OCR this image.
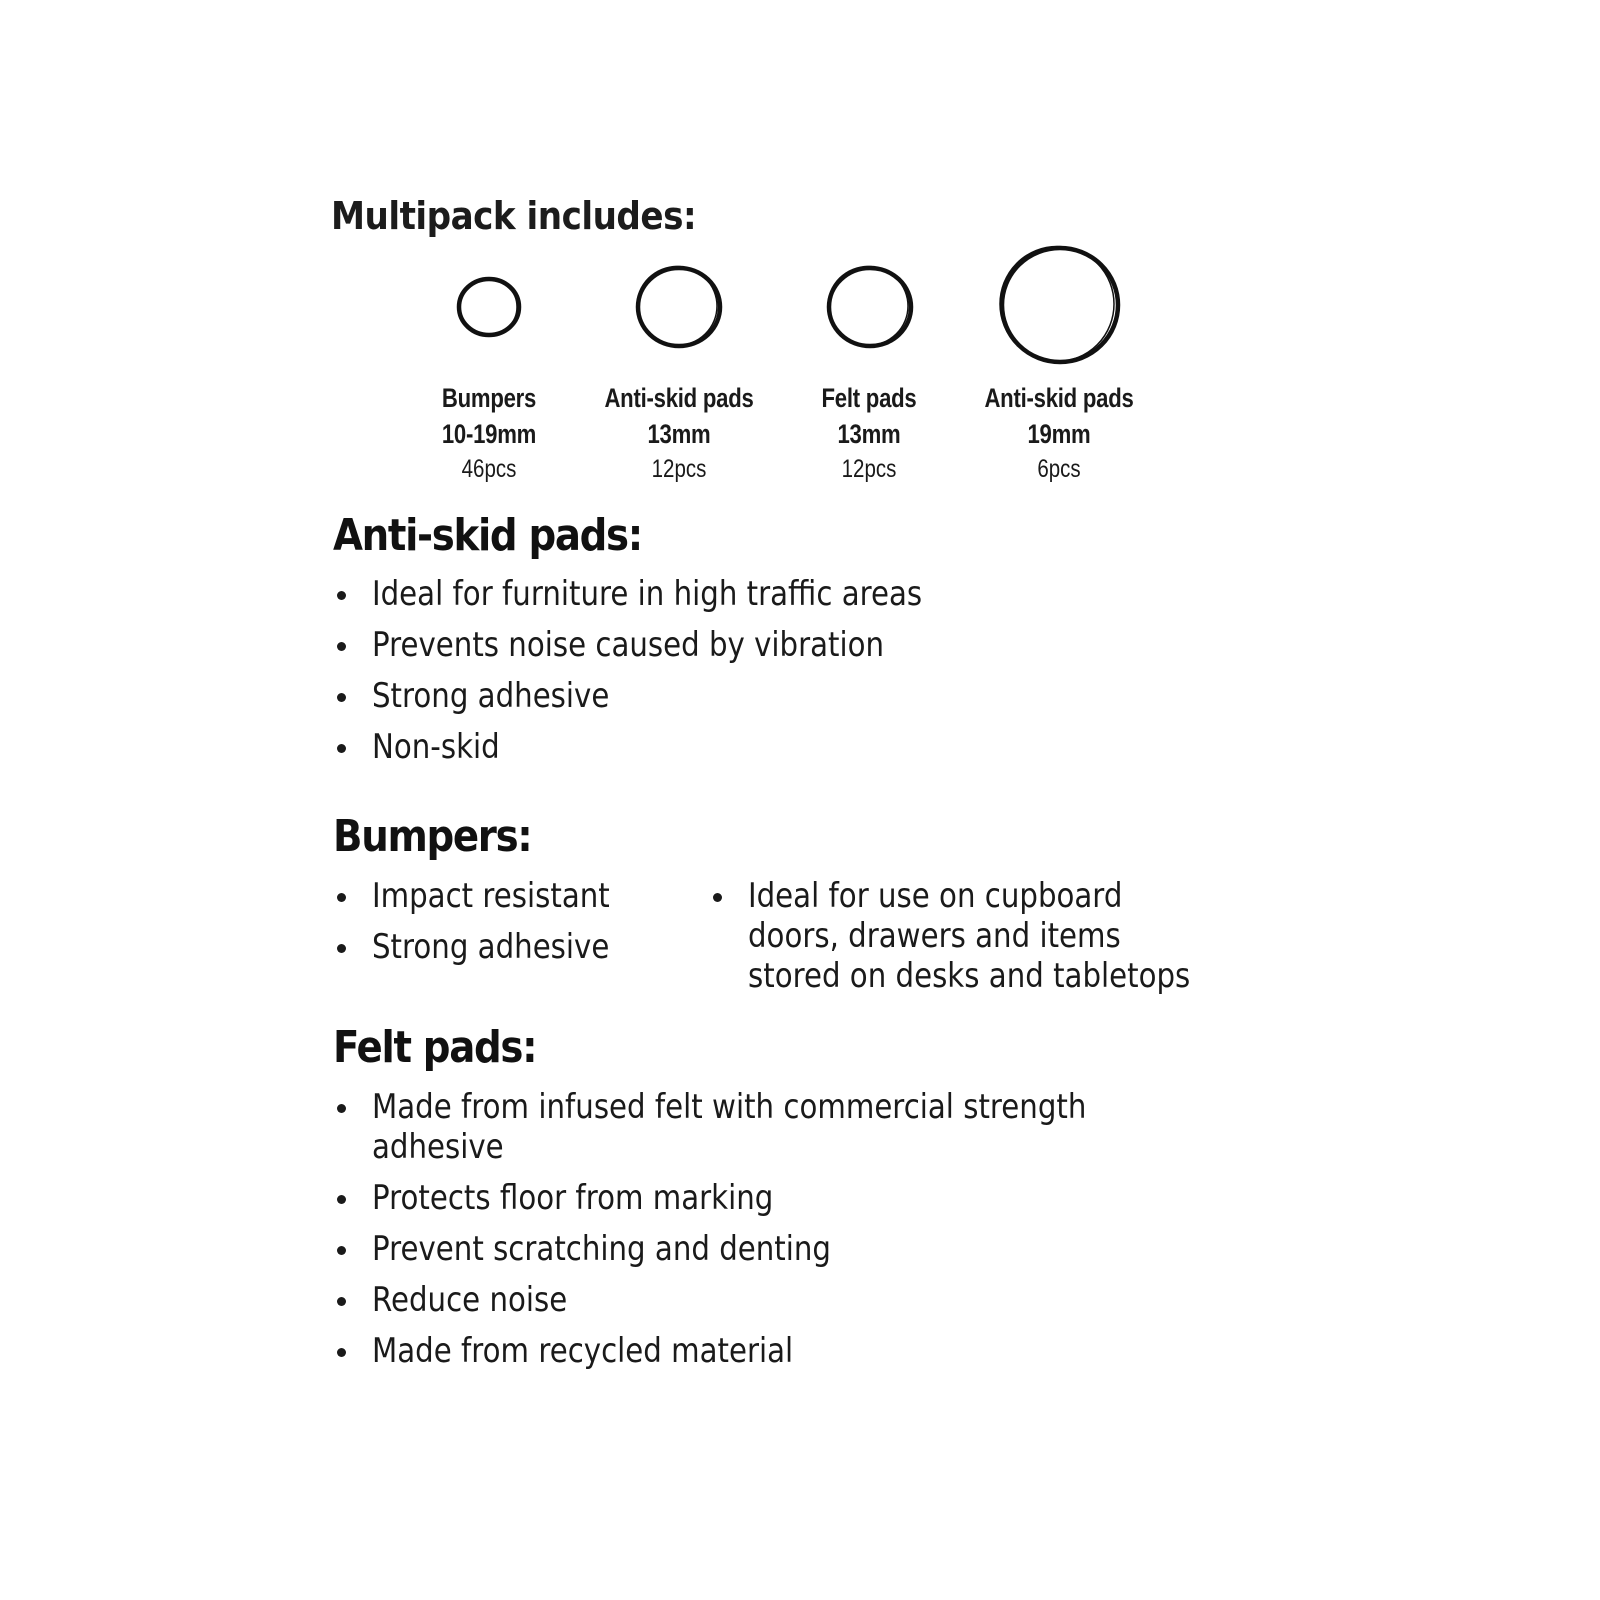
Multipack includes:
Bumpers
10-19mm
46pcs
Anti-skid pads
13mm
12pcs
Felt pads
13mm
12pcs
Anti-skid pads
19mm
6pcs
Anti-skid pads:
Ideal for furniture in high traffic areas
Prevents noise caused by vibration
Strong adhesive
Non-skid
Bumpers:
Impact resistant
Strong adhesive
Ideal for use on cupboard
doors, drawers and items
stored on desks and tabletops
Felt pads:
Made from infused felt with commercial strength
adhesive
Protects floor from marking
Prevent scratching and denting
Reduce noise
Made from recycled material
